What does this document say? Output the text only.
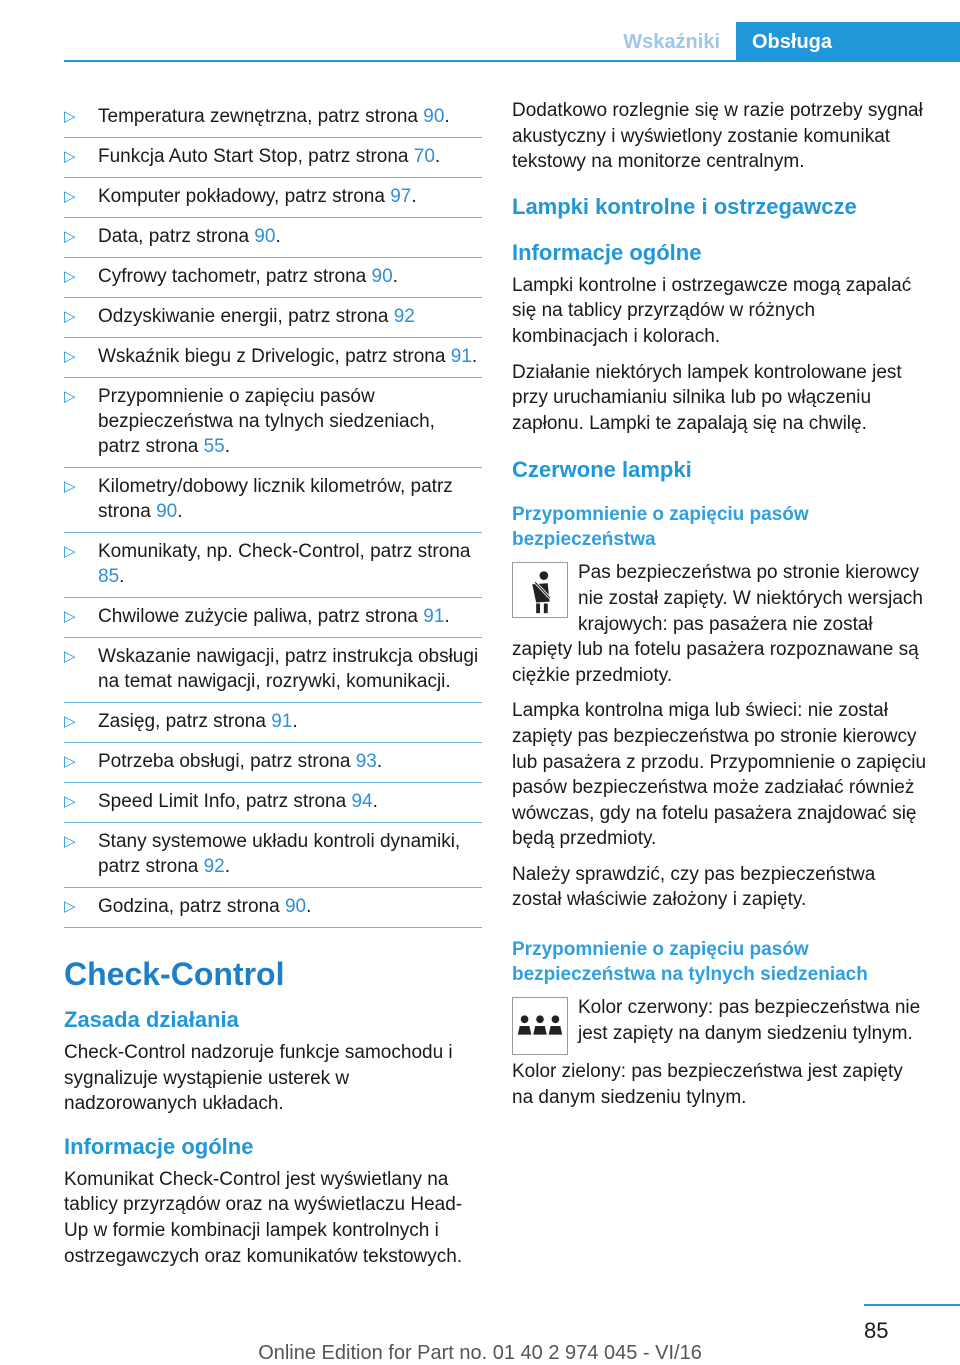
Wskaźniki	Obsługa
▷ Temperatura zewnętrzna, patrz strona 90.
▷ Funkcja Auto Start Stop, patrz strona 70.
▷ Komputer pokładowy, patrz strona 97.
▷ Data, patrz strona 90.
▷ Cyfrowy tachometr, patrz strona 90.
▷ Odzyskiwanie energii, patrz strona 92
▷ Wskaźnik biegu z Drivelogic, patrz strona 91.
▷ Przypomnienie o zapięciu pasów bezpieczeństwa na tylnych siedzeniach, patrz strona 55.
▷ Kilometry/dobowy licznik kilometrów, patrz strona 90.
▷ Komunikaty, np. Check-Control, patrz strona 85.
▷ Chwilowe zużycie paliwa, patrz strona 91.
▷ Wskazanie nawigacji, patrz instrukcja obsługi na temat nawigacji, rozrywki, komunikacji.
▷ Zasięg, patrz strona 91.
▷ Potrzeba obsługi, patrz strona 93.
▷ Speed Limit Info, patrz strona 94.
▷ Stany systemowe układu kontroli dynamiki, patrz strona 92.
▷ Godzina, patrz strona 90.
Check-Control
Zasada działania

Check-Control nadzoruje funkcje samochodu i sygnalizuje wystąpienie usterek w nadzorowanych układach.

Informacje ogólne

Komunikat Check-Control jest wyświetlany na tablicy przyrządów oraz na wyświetlaczu Head-Up w formie kombinacji lampek kontrolnych i ostrzegawczych oraz komunikatów tekstowych.

Dodatkowo rozlegnie się w razie potrzeby sygnał akustyczny i wyświetlony zostanie komunikat tekstowy na monitorze centralnym.

Lampki kontrolne i ostrzegawcze
Informacje ogólne

Lampki kontrolne i ostrzegawcze mogą zapalać się na tablicy przyrządów w różnych kombinacjach i kolorach.

Działanie niektórych lampek kontrolowane jest przy uruchamianiu silnika lub po włączeniu zapłonu. Lampki te zapalają się na chwilę.

Czerwone lampki
Przypomnienie o zapięciu pasów bezpieczeństwa

Pas bezpieczeństwa po stronie kierowcy nie został zapięty. W niektórych wersjach krajowych: pas pasażera nie został zapięty lub na fotelu pasażera rozpoznawane są ciężkie przedmioty.

Lampka kontrolna miga lub świeci: nie został zapięty pas bezpieczeństwa po stronie kierowcy lub pasażera z przodu. Przypomnienie o zapięciu pasów bezpieczeństwa może zadziałać również wówczas, gdy na fotelu pasażera znajdować się będą przedmioty.

Należy sprawdzić, czy pas bezpieczeństwa został właściwie założony i zapięty.

Przypomnienie o zapięciu pasów bezpieczeństwa na tylnych siedzeniach

Kolor czerwony: pas bezpieczeństwa nie jest zapięty na danym siedzeniu tylnym.

Kolor zielony: pas bezpieczeństwa jest zapięty na danym siedzeniu tylnym.

85
Online Edition for Part no. 01 40 2 974 045 - VI/16
